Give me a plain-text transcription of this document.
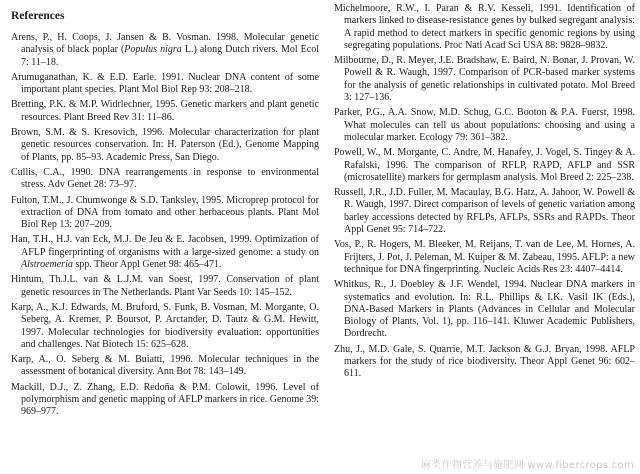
References
Arens, P., H. Coops, J. Jansen & B. Vosman. 1998. Molecular genetic analysis of black poplar (Populus nigra L.) along Dutch rivers. Mol Ecol 7: 11–18.
Arumuganathan, K. & E.D. Earle. 1991. Nuclear DNA content of some important plant species. Plant Mol Biol Rep 93: 208–218.
Bretting, P.K. & M.P. Widrlechner, 1995. Genetic markers and plant genetic resources. Plant Breed Rev 31: 11–86.
Brown, S.M. & S. Kresovich, 1996. Molecular characterization for plant genetic resources conservation. In: H. Paterson (Ed.), Genome Mapping of Plants, pp. 85–93. Academic Press, San Diego.
Cullis, C.A., 1990. DNA rearrangements in response to environmental stress. Adv Genet 28: 73–97.
Fulton, T.M., J. Chumwonge & S.D. Tanksley, 1995. Microprep protocol for extraction of DNA from tomato and other herbaceous plants. Plant Mol Biol Rep 13: 207–209.
Han, T.H., H.J. van Eck, M.J. De Jeu & E. Jacobsen, 1999. Optimization of AFLP fingerprinting of organisms with a large-sized genome: a study on Alstroemeria spp. Theor Appl Genet 98: 465–471.
Hintum, Th.J.L. van & L.J.M. van Soest, 1997. Conservation of plant genetic resources in The Netherlands. Plant Var Seeds 10: 145–152.
Karp, A., K.J. Edwards, M. Bruford, S. Funk, B. Vosman, M. Morgante, O. Seberg, A. Kremer, P. Boursot, P. Arctander, D. Tautz & G.M. Hewitt, 1997. Molecular technologies for biodiversity evaluation: opportunities and challenges. Nat Biotech 15: 625–628.
Karp, A., O. Seberg & M. Buiatti, 1996. Molecular techniques in the assessment of botanical diversity. Ann Bot 78: 143–149.
Mackill, D.J., Z. Zhang, E.D. Redoña & P.M. Colowit, 1996. Level of polymorphism and genetic mapping of AFLP markers in rice. Genome 39: 969–977.
Michelmoore, R.W., I. Paran & R.V. Kesseli, 1991. Identification of markers linked to disease-resistance genes by bulked segregant analysis: A rapid method to detect markers in specific genomic regions by using segregating populations. Proc Natl Acad Sci USA 88: 9828–9832.
Milbourne, D., R. Meyer, J.E. Bradshaw, E. Baird, N. Bonar, J. Provan, W. Powell & R. Waugh, 1997. Comparison of PCR-based marker systems for the analysis of genetic relationships in cultivated potato. Mol Breed 3: 127–136.
Parker, P.G., A.A. Snow, M.D. Schug, G.C. Booton & P.A. Fuerst, 1998. What molecules can tell us about populations: choosing and using a molecular marker. Ecology 79: 361–382.
Powell, W., M. Morgante, C. Andre, M. Hanafey, J. Vogel, S. Tingey & A. Rafalski, 1996. The comparison of RFLP, RAPD, AFLP and SSR (microsatellite) markers for germplasm analysis. Mol Breed 2: 225–238.
Russell, J.R., J.D. Fuller, M. Macaulay, B.G. Hatz, A. Jahoor, W. Powell & R. Waugh, 1997. Direct comparison of levels of genetic variation among barley accessions detected by RFLPs, AFLPs, SSRs and RAPDs. Theor Appl Genet 95: 714–722.
Vos, P., R. Hogers, M. Bleeker, M. Reijans, T. van de Lee, M. Hornes, A. Frijters, J. Pot, J. Peleman, M. Kuiper & M. Zabeau, 1995. AFLP: a new technique for DNA fingerprinting. Nucleic Acids Res 23: 4407–4414.
Whitkus, R., J. Doebley & J.F. Wendel, 1994. Nuclear DNA markers in systematics and evolution. In: R.L. Phillips & I.K. Vasil IK (Eds.), DNA-Based Markers in Plants (Advances in Cellular and Molecular Biology of Plants, Vol. 1), pp. 116–141. Kluwer Academic Publishers, Dordrecht.
Zhu, J., M.D. Gale, S. Quarrie, M.T. Jackson & G.J. Bryan, 1998. AFLP markers for the study of rice biodiversity. Theor Appl Genet 96: 602–611.
麻类作物营养与施肥网 www.fibercrops.com
